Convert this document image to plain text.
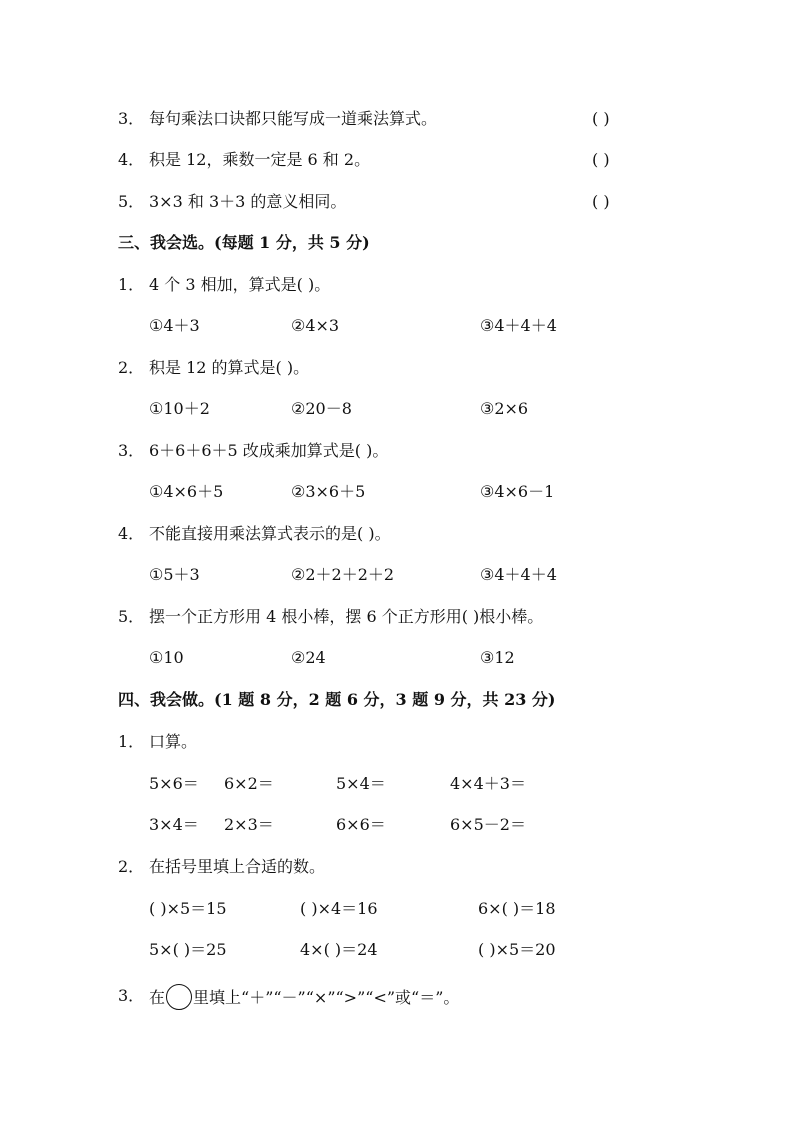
3． 每句乘法口诀都只能写成一道乘法算式。	( )
4． 积是 12，乘数一定是 6 和 2。	( )
5． 3×3 和 3＋3 的意义相同。	( )
三、我会选。(每题 1 分，共 5 分)
1． 4 个 3 相加，算式是( )。
①4＋3	②4×3	③4＋4＋4
2． 积是 12 的算式是( )。
①10＋2	②20－8	③2×6
3． 6＋6＋6＋5 改成乘加算式是( )。
①4×6＋5	②3×6＋5	③4×6－1
4． 不能直接用乘法算式表示的是( )。
①5＋3	②2＋2＋2＋2	③4＋4＋4
5． 摆一个正方形用 4 根小棒，摆 6 个正方形用( )根小棒。
①10	②24	③12
四、我会做。(1 题 8 分，2 题 6 分，3 题 9 分，共 23 分)
1． 口算。
5×6＝ 6×2＝	5×4＝	4×4＋3＝
3×4＝ 2×3＝	6×6＝	6×5－2＝
2． 在括号里填上合适的数。
( )×5＝15	( )×4＝16	6×( )＝18
5×( )＝25	4×( )＝24	( )×5＝20
3． 在 里填上“＋”“－”“×”“>”“<”或“＝”。
